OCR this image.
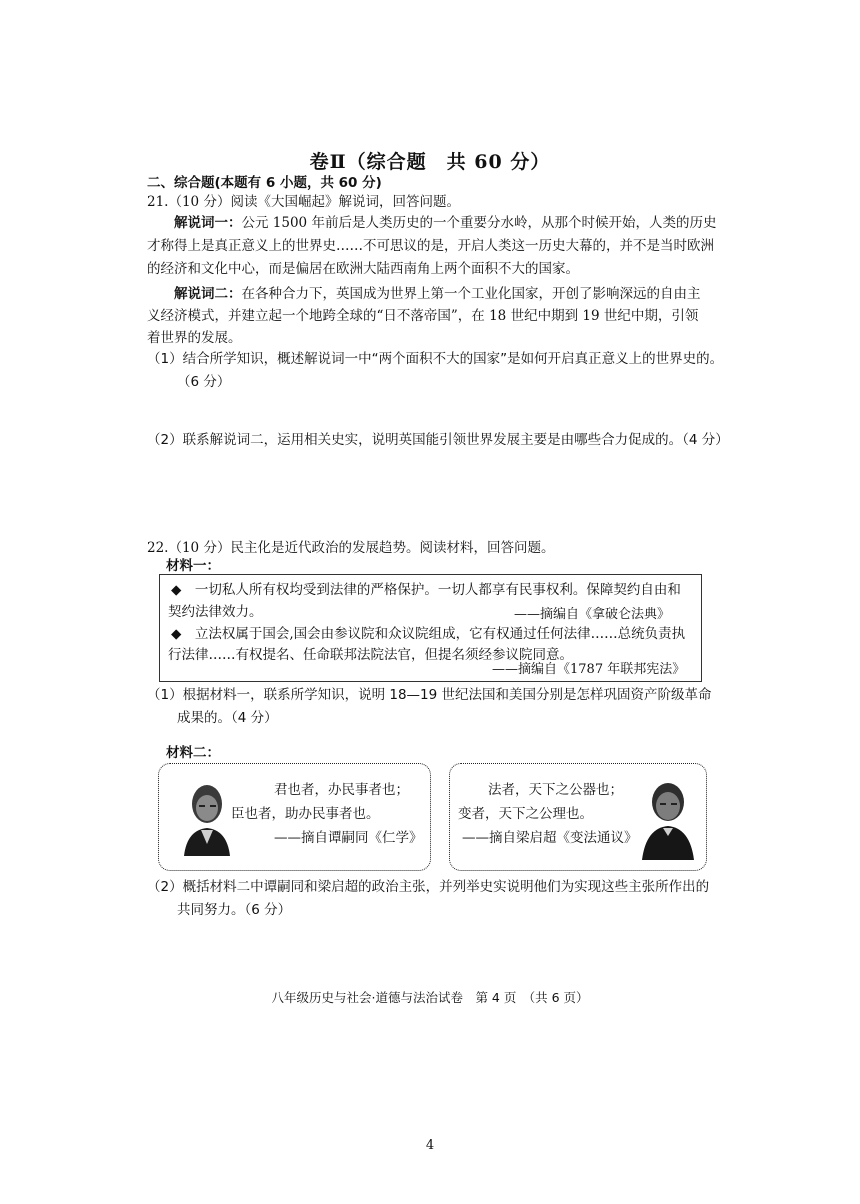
卷Ⅱ（综合题　共 60 分）
二、综合题(本题有 6 小题，共 60 分)
21.（10 分）阅读《大国崛起》解说词，回答问题。
解说词一：公元 1500 年前后是人类历史的一个重要分水岭，从那个时候开始，人类的历史
才称得上是真正意义上的世界史……不可思议的是，开启人类这一历史大幕的，并不是当时欧洲
的经济和文化中心，而是偏居在欧洲大陆西南角上两个面积不大的国家。
解说词二：在各种合力下，英国成为世界上第一个工业化国家，开创了影响深远的自由主
义经济模式，并建立起一个地跨全球的“日不落帝国”，在 18 世纪中期到 19 世纪中期，引领
着世界的发展。
（1）结合所学知识，概述解说词一中“两个面积不大的国家”是如何开启真正意义上的世界史的。
（6 分）
（2）联系解说词二，运用相关史实，说明英国能引领世界发展主要是由哪些合力促成的。（4 分）
22.（10 分）民主化是近代政治的发展趋势。阅读材料，回答问题。
材料一：
◆　一切私人所有权均受到法律的严格保护。一切人都享有民事权利。保障契约自由和
契约法律效力。	——摘编自《拿破仑法典》
◆　立法权属于国会,国会由参议院和众议院组成，它有权通过任何法律……总统负责执
行法律……有权提名、任命联邦法院法官，但提名须经参议院同意。
——摘编自《1787 年联邦宪法》
（1）根据材料一，联系所学知识，说明 18—19 世纪法国和美国分别是怎样巩固资产阶级革命
成果的。（4 分）
材料二：
君也者，办民事者也；
臣也者，助办民事者也。
——摘自谭嗣同《仁学》
法者，天下之公器也；
变者，天下之公理也。
——摘自梁启超《变法通议》
（2）概括材料二中谭嗣同和梁启超的政治主张，并列举史实说明他们为实现这些主张所作出的
共同努力。（6 分）
八年级历史与社会·道德与法治试卷　第 4 页　（共 6 页）
4
